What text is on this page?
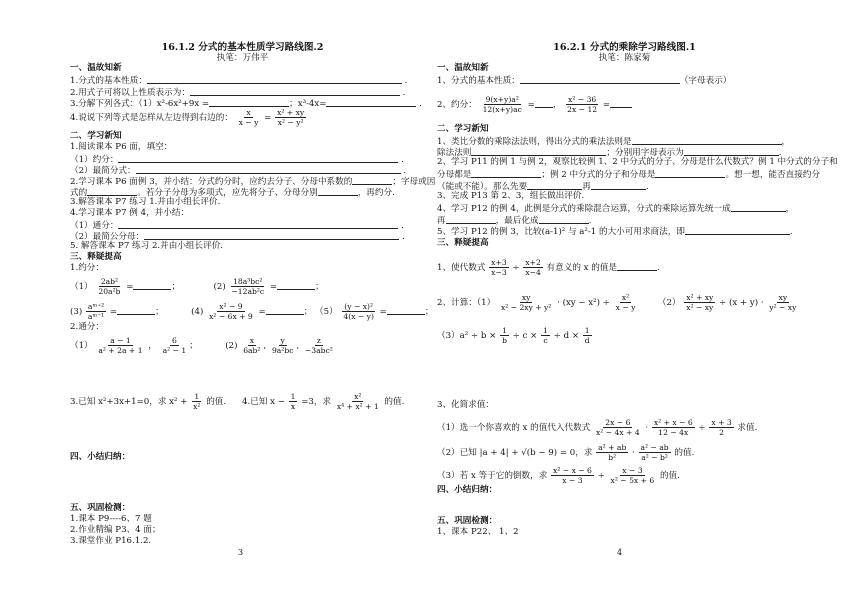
16.1.2 分式的基本性质学习路线图.2
执笔：万伟平
一、温故知新
1.分式的基本性质：	.
2.用式子可将以上性质表示为：	.
3.分解下列各式：（1）x²-6x²+9x =	；x³-4x=	.
4.说说下列等式是怎样从左边得到右边的： $\frac{x}{x - y} = \frac{\text{x² + xy}}{\text{x² − y²}}$
二、学习新知
1.阅读课本 P6 面，填空：
（1）约分：	.
（2）最简分式：	.
2.学习课本 P6 面例 3，并小结：分式约分时，应约去分子、分母中系数的	；字母或因
式的	。若分子分母为多项式，应先将分子、分母分别	，再约分.
3.解答课本 P7 练习 1.并由小组长评价.
4.学习课本 P7 例 4，并小结：
（1）通分：	.
（2）最简公分母：	.
5. 解答课本 P7 练习 2.并由小组长评价.
三、释疑提高
1.约分：
$(1) \frac{\text{2ab²}}{\text{20a²b}}$ =	；	$(2) \frac{\text{18a³bc²}}{\text{−12ab²c}}$ =	；
$(3) \frac{\text{aᵐ⁺²}}{\text{aᵐ⁻¹}}$ =	；	$(4) \frac{\text{x² − 9}}{\text{x² − 6x + 9}}$ =	； $(5) \frac{\text{(y − x)²}}{4(x - y)}$ =	；
2.通分：
$(1) \frac{a - 1}{\text{a² + 2a + 1}}$ ， $\frac{6}{\text{a² − 1}}$ ；	$(2) \frac{x}{\text{6ab²}}$ , $\frac{y}{\text{9a²bc}}$ ,
z
−3abc²
3.已知 x²+3x+1=0，求 $x^2 + \frac{1}{\text{x²}}$ 的值. 4.已知 $x - \frac{1}{x} =3$，求 $\frac{\text{x²}}{\text{x⁴ + x² + 1}}$ 的值.
四、小结归纳：
五、巩固检测：
1.课本 P9----6、7 题
2.作业精编 P3、4 面；
3.课堂作业 P16.1.2.
3
16.2.1 分式的乘除学习路线图.1
执笔：陈家菊
一、温故知新
1、分式的基本性质：	（字母表示）
2、约分： $\frac{\text{9(x+y)a²}}{12(x+y)ac}$ = ， $\frac{\text{x² − 36}}{2x - 12}$ =
二、学习新知
1、类比分数的乘除法法则，得出分式的乘法法则是	，
除法法则	；分别用字母表示为	.
2、学习 P11 的例 1 与例 2，观察比较例 1、2 中分式的分子、分母是什么代数式？例 1 中分式的分子和
分母都是	；例 2 中分式的分子和分母是	。想一想，能否直接约分
（能或不能）。那么先要	再	.
3、完成 P13 第 2、3，组长做出评价.
4、学习 P12 的例 4，此例是分式的乘除混合运算，分式的乘除运算先统一成	，
再	，最后化成	.
5、学习 P12 的例 3，比较(a-1)² 与 a²-1 的大小可用求商法，即	.
三、释疑提高
1、使代数式 $\frac{x+3}{x-3} \div \frac{x+2}{x-4}$ 有意义的 x 的值是	.
2、计算：$(1) \frac{xy}{\text{x² − 2xy + y²}} \cdot (xy - x^2) \div \frac{\text{x²}}{x - y} (2) \frac{\text{x² + xy}}{\text{x² − xy}} \div (x + y) \cdot \frac{xy}{\text{y² − xy}}$
$(3)a^2 \div b \times \frac{1}{b} \div c \times \frac{1}{c} \div d \times \frac{1}{d}$
3、化简求值：
（1）选一个你喜欢的 x 的值代入代数式 $\frac{2x - 6}{\text{x² − 4x + 4}} \cdot \frac{\text{x² + x − 6}}{12 - 4x} \div \frac{x + 3}{2}$ 求值.
（2）已知 |a + 4| + √(b − 9) = 0，求 $\frac{\text{a² + ab}}{\text{b²}} \cdot \frac{\text{a² − ab}}{\text{a² − b²}}$ 的值.
（3）若 x 等于它的倒数，求 $\frac{\text{x² − x − 6}}{x - 3} \div \frac{x - 3}{\text{x² − 5x + 6}}$ 的值.
四、小结归纳：
五、巩固检测：
1、课本 P22、 1、2
4
